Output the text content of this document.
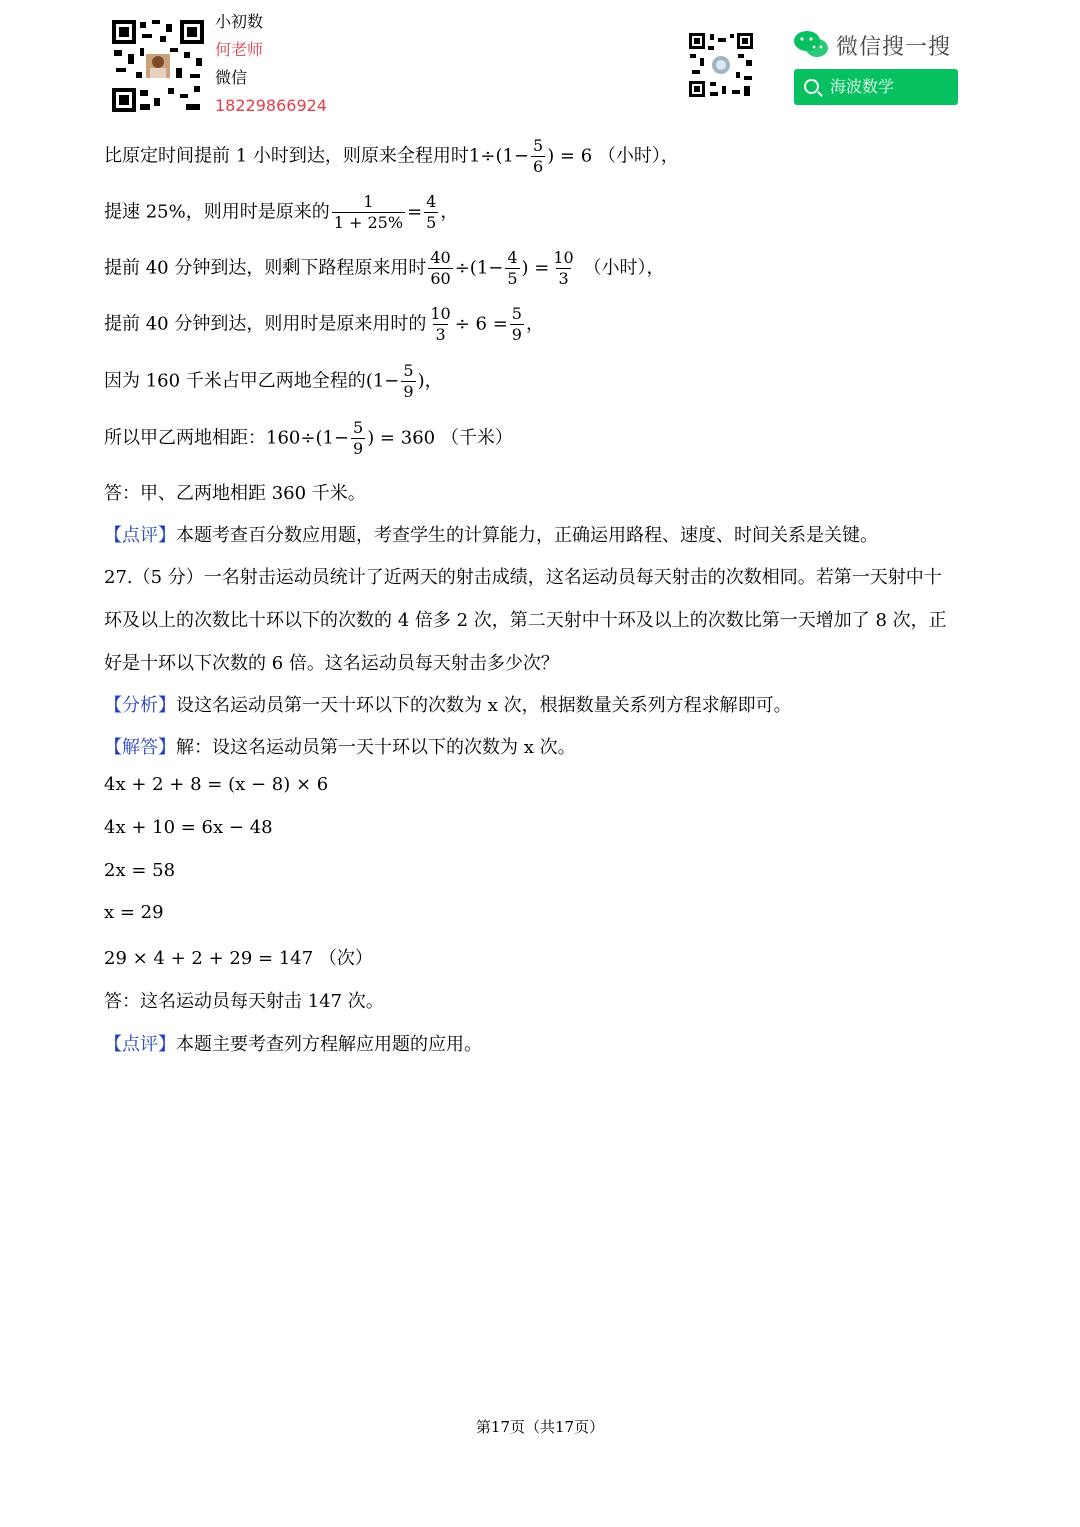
小初数
何老师
微信
18229866924
微信搜一搜
海波数学
比原定时间提前 1 小时到达，则原来全程用时$1\div(1- \frac{5}{6}$ ) = 6 （小时），
提速 25%，则用时是原来的 $\frac{1}{1 + 25\%} = \frac{4}{5}$ ，
提前 40 分钟到达，则剩下路程原来用时 $\frac{40}{60} \div(1- \frac{4}{5}$ ) = $\frac{10}{3}$ （小时），
提前 40 分钟到达，则用时是原来用时的 $\frac{10}{3} \div 6 = \frac{5}{9}$ ，
因为 160 千米占甲乙两地全程的($1- \frac{5}{9}$ )，
所以甲乙两地相距：$160\div(1- \frac{5}{9}$ ) = 360 （千米）
答：甲、乙两地相距 360 千米。
【点评】本题考查百分数应用题，考查学生的计算能力，正确运用路程、速度、时间关系是关键。
27.（5 分）一名射击运动员统计了近两天的射击成绩，这名运动员每天射击的次数相同。若第一天射中十
环及以上的次数比十环以下的次数的 4 倍多 2 次，第二天射中十环及以上的次数比第一天增加了 8 次，正
好是十环以下次数的 6 倍。这名运动员每天射击多少次？
【分析】设这名运动员第一天十环以下的次数为 x 次，根据数量关系列方程求解即可。
【解答】解：设这名运动员第一天十环以下的次数为 x 次。
4x + 2 + 8 = (x − 8) × 6
4x + 10 = 6x − 48
2x = 58
x = 29
29 × 4 + 2 + 29 = 147 （次）
答：这名运动员每天射击 147 次。
【点评】本题主要考查列方程解应用题的应用。
第17页（共17页）
